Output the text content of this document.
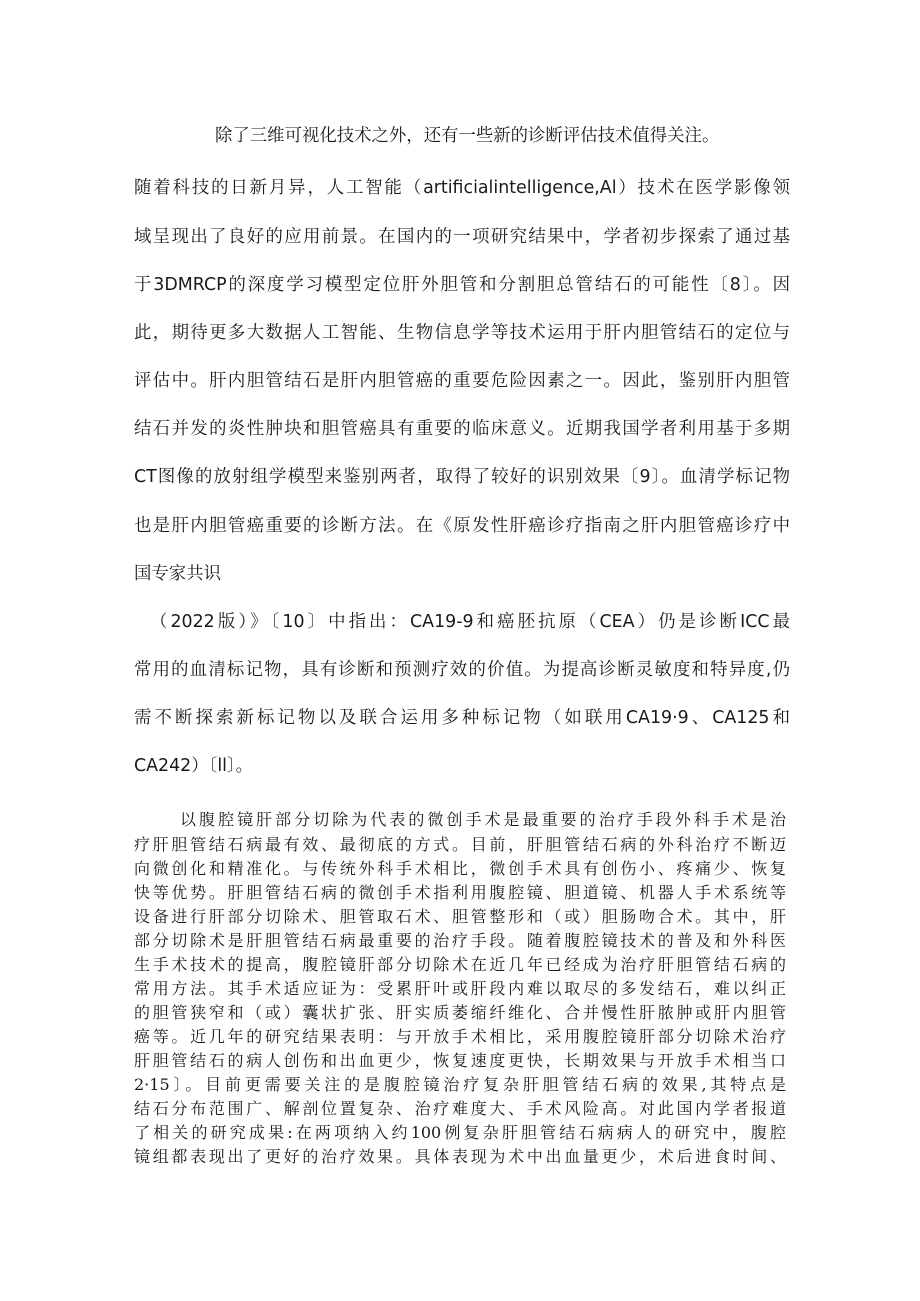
除了三维可视化技术之外，还有一些新的诊断评估技术值得关注。

随着科技的日新月异，人工智能（artificialintelligence,Al）技术在医学影像领

域呈现出了良好的应用前景。在国内的一项研究结果中，学者初步探索了通过基

于3DMRCP的深度学习模型定位肝外胆管和分割胆总管结石的可能性〔8〕。因

此，期待更多大数据人工智能、生物信息学等技术运用于肝内胆管结石的定位与

评估中。肝内胆管结石是肝内胆管癌的重要危险因素之一。因此，鉴别肝内胆管

结石并发的炎性肿块和胆管癌具有重要的临床意义。近期我国学者利用基于多期

CT图像的放射组学模型来鉴别两者，取得了较好的识别效果〔9〕。血清学标记物

也是肝内胆管癌重要的诊断方法。在《原发性肝癌诊疗指南之肝内胆管癌诊疗中

国专家共识

（2022版）》〔10〕中指出：CA19-9和癌胚抗原（CEA）仍是诊断ICC最

常用的血清标记物，具有诊断和预测疗效的价值。为提高诊断灵敏度和特异度,仍

需不断探索新标记物以及联合运用多种标记物（如联用CA19·9、CA125和

CA242）〔ll〕。

以腹腔镜肝部分切除为代表的微创手术是最重要的治疗手段外科手术是治

疗肝胆管结石病最有效、最彻底的方式。目前，肝胆管结石病的外科治疗不断迈

向微创化和精准化。与传统外科手术相比，微创手术具有创伤小、疼痛少、恢复

快等优势。肝胆管结石病的微创手术指利用腹腔镜、胆道镜、机器人手术系统等

设备进行肝部分切除术、胆管取石术、胆管整形和（或）胆肠吻合术。其中，肝

部分切除术是肝胆管结石病最重要的治疗手段。随着腹腔镜技术的普及和外科医

生手术技术的提高，腹腔镜肝部分切除术在近几年已经成为治疗肝胆管结石病的

常用方法。其手术适应证为：受累肝叶或肝段内难以取尽的多发结石，难以纠正

的胆管狭窄和（或）囊状扩张、肝实质萎缩纤维化、合并慢性肝脓肿或肝内胆管

癌等。近几年的研究结果表明：与开放手术相比，采用腹腔镜肝部分切除术治疗

肝胆管结石的病人创伤和出血更少，恢复速度更快，长期效果与开放手术相当口

2·15〕。目前更需要关注的是腹腔镜治疗复杂肝胆管结石病的效果,其特点是

结石分布范围广、解剖位置复杂、治疗难度大、手术风险高。对此国内学者报道

了相关的研究成果:在两项纳入约100例复杂肝胆管结石病病人的研究中，腹腔

镜组都表现出了更好的治疗效果。具体表现为术中出血量更少，术后进食时间、
